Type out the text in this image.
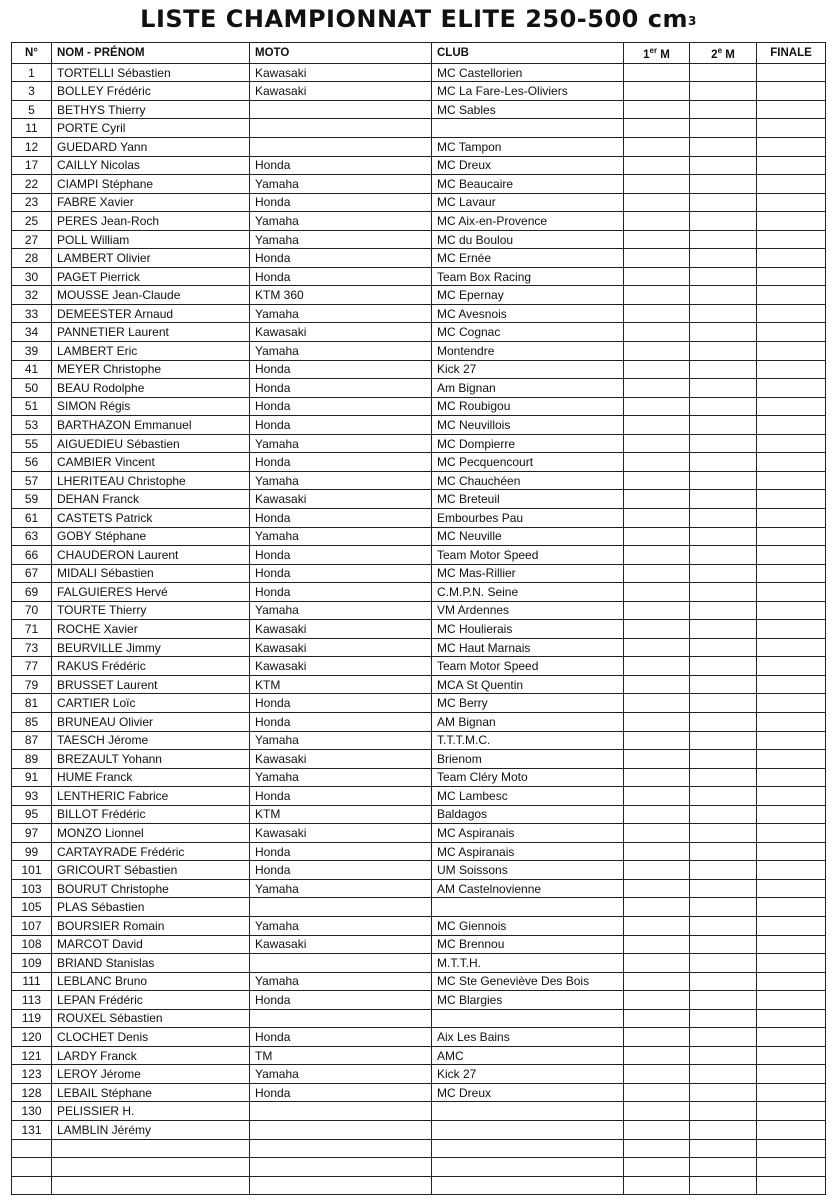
LISTE CHAMPIONNAT ELITE 250-500 $cm^3$
N°	NOM - PRÉNOM	MOTO	CLUB	1er M	2e M	FINALE
1	TORTELLI Sébastien	Kawasaki	MC Castellorien			
3	BOLLEY Frédéric	Kawasaki	MC La Fare-Les-Oliviers			
5	BETHYS Thierry		MC Sables			
11	PORTE Cyril					
12	GUEDARD Yann		MC Tampon			
17	CAILLY Nicolas	Honda	MC Dreux			
22	CIAMPI Stéphane	Yamaha	MC Beaucaire			
23	FABRE Xavier	Honda	MC Lavaur			
25	PERES Jean-Roch	Yamaha	MC Aix-en-Provence			
27	POLL William	Yamaha	MC du Boulou			
28	LAMBERT Olivier	Honda	MC Ernée			
30	PAGET Pierrick	Honda	Team Box Racing			
32	MOUSSE Jean-Claude	KTM 360	MC Epernay			
33	DEMEESTER Arnaud	Yamaha	MC Avesnois			
34	PANNETIER Laurent	Kawasaki	MC Cognac			
39	LAMBERT Eric	Yamaha	Montendre			
41	MEYER Christophe	Honda	Kick 27			
50	BEAU Rodolphe	Honda	Am Bignan			
51	SIMON Régis	Honda	MC Roubigou			
53	BARTHAZON Emmanuel	Honda	MC Neuvillois			
55	AIGUEDIEU Sébastien	Yamaha	MC Dompierre			
56	CAMBIER Vincent	Honda	MC Pecquencourt			
57	LHERITEAU Christophe	Yamaha	MC Chauchéen			
59	DEHAN Franck	Kawasaki	MC Breteuil			
61	CASTETS Patrick	Honda	Embourbes Pau			
63	GOBY Stéphane	Yamaha	MC Neuville			
66	CHAUDERON Laurent	Honda	Team Motor Speed			
67	MIDALI Sébastien	Honda	MC Mas-Rillier			
69	FALGUIERES Hervé	Honda	C.M.P.N. Seine			
70	TOURTE Thierry	Yamaha	VM Ardennes			
71	ROCHE Xavier	Kawasaki	MC Houlierais			
73	BEURVILLE Jimmy	Kawasaki	MC Haut Marnais			
77	RAKUS Frédéric	Kawasaki	Team Motor Speed			
79	BRUSSET Laurent	KTM	MCA St Quentin			
81	CARTIER Loïc	Honda	MC Berry			
85	BRUNEAU Olivier	Honda	AM Bignan			
87	TAESCH Jérome	Yamaha	T.T.T.M.C.			
89	BREZAULT Yohann	Kawasaki	Brienom			
91	HUME Franck	Yamaha	Team Cléry Moto			
93	LENTHERIC Fabrice	Honda	MC Lambesc			
95	BILLOT Frédéric	KTM	Baldagos			
97	MONZO Lionnel	Kawasaki	MC Aspiranais			
99	CARTAYRADE Frédéric	Honda	MC Aspiranais			
101	GRICOURT Sébastien	Honda	UM Soissons			
103	BOURUT Christophe	Yamaha	AM Castelnovienne			
105	PLAS Sébastien					
107	BOURSIER Romain	Yamaha	MC Giennois			
108	MARCOT David	Kawasaki	MC Brennou			
109	BRIAND Stanislas		M.T.T.H.			
111	LEBLANC Bruno	Yamaha	MC Ste Geneviève Des Bois			
113	LEPAN Frédéric	Honda	MC Blargies			
119	ROUXEL Sébastien					
120	CLOCHET Denis	Honda	Aix Les Bains			
121	LARDY Franck	TM	AMC			
123	LEROY Jérome	Yamaha	Kick 27			
128	LEBAIL Stéphane	Honda	MC Dreux			
130	PELISSIER H.					
131	LAMBLIN Jérémy					
